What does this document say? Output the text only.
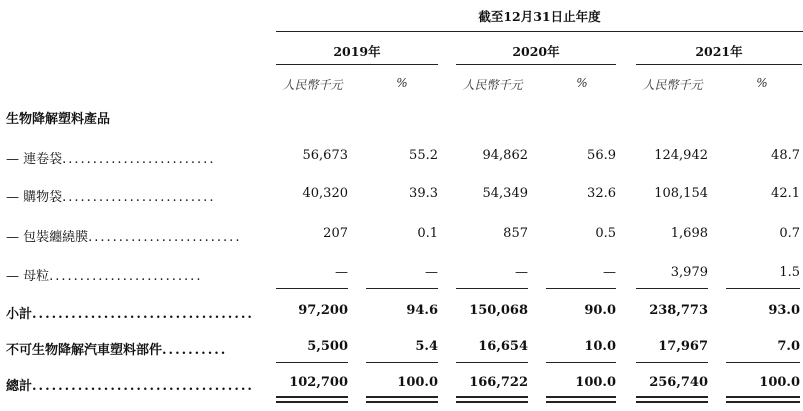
截至12月31日止年度
2019年	2020年	2021年
人民幣千元	%	人民幣千元	%	人民幣千元	%
生物降解塑料產品
— 連卷袋.........................	56,673	55.2	94,862	56.9	124,942	48.7
— 購物袋.........................	40,320	39.3	54,349	32.6	108,154	42.1
— 包裝纏繞膜.........................	207	0.1	857	0.5	1,698	0.7
— 母粒.........................	—	—	—	—	3,979	1.5
小計..................................	97,200	94.6	150,068	90.0	238,773	93.0
不可生物降解汽車塑料部件..........	5,500	5.4	16,654	10.0	17,967	7.0
總計..................................	102,700	100.0	166,722	100.0	256,740	100.0
